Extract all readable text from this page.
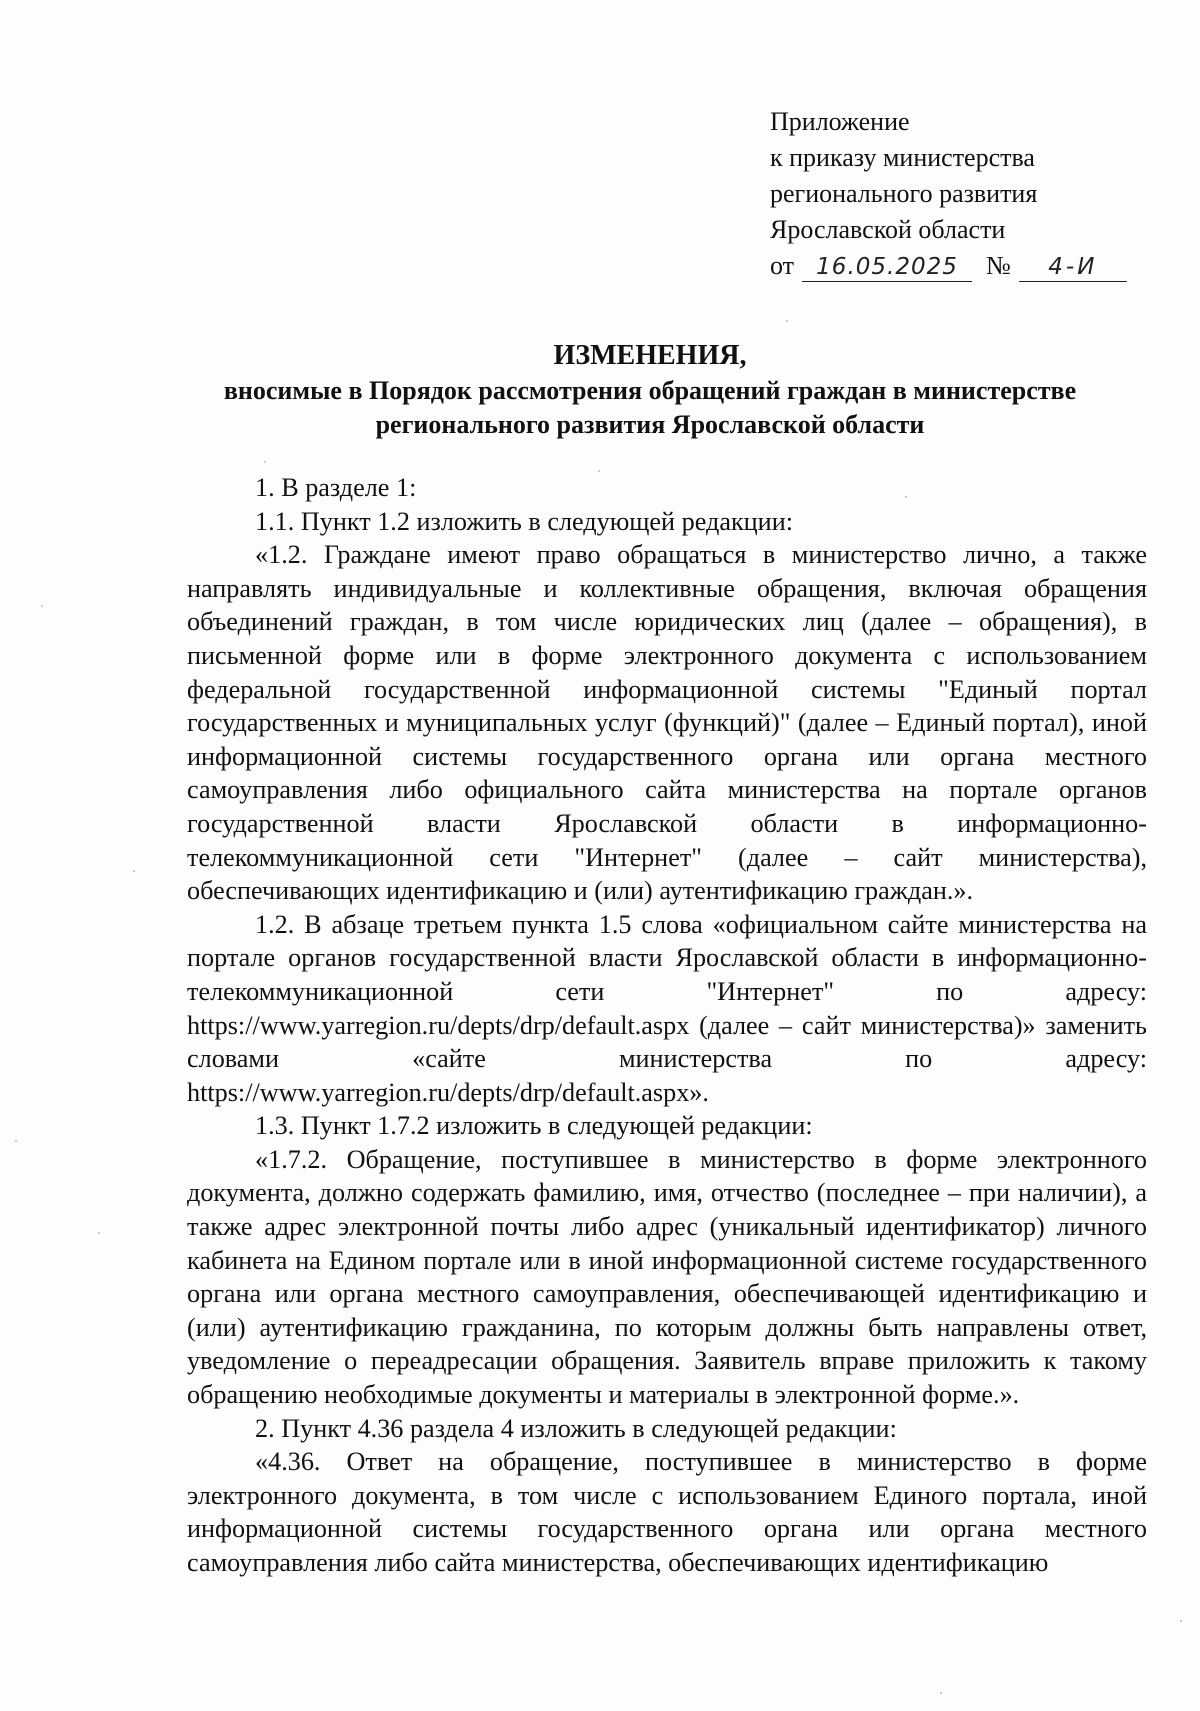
Приложение
к приказу министерства
регионального развития
Ярославской области
от 16.05.2025 № 4-И
ИЗМЕНЕНИЯ,
вносимые в Порядок рассмотрения обращений граждан в министерстве регионального развития Ярославской области

1. В разделе 1:

1.1. Пункт 1.2 изложить в следующей редакции:

«1.2. Граждане имеют право обращаться в министерство лично, а также направлять индивидуальные и коллективные обращения, включая обращения объединений граждан, в том числе юридических лиц (далее – обращения), в письменной форме или в форме электронного документа с использованием федеральной государственной информационной системы "Единый портал государственных и муниципальных услуг (функций)" (далее – Единый портал), иной информационной системы государственного органа или органа местного самоуправления либо официального сайта министерства на портале органов государственной власти Ярославской области в информационно-телекоммуникационной сети "Интернет" (далее – сайт министерства), обеспечивающих идентификацию и (или) аутентификацию граждан.».

1.2. В абзаце третьем пункта 1.5 слова «официальном сайте министерства на портале органов государственной власти Ярославской области в информационно-телекоммуникационной сети "Интернет" по адресу: https://www.yarregion.ru/depts/drp/default.aspx (далее – сайт министерства)» заменить словами «сайте министерства по адресу: https://www.yarregion.ru/depts/drp/default.aspx».

1.3. Пункт 1.7.2 изложить в следующей редакции:

«1.7.2. Обращение, поступившее в министерство в форме электронного документа, должно содержать фамилию, имя, отчество (последнее – при наличии), а также адрес электронной почты либо адрес (уникальный идентификатор) личного кабинета на Едином портале или в иной информационной системе государственного органа или органа местного самоуправления, обеспечивающей идентификацию и (или) аутентификацию гражданина, по которым должны быть направлены ответ, уведомление о переадресации обращения. Заявитель вправе приложить к такому обращению необходимые документы и материалы в электронной форме.».

2. Пункт 4.36 раздела 4 изложить в следующей редакции:

«4.36. Ответ на обращение, поступившее в министерство в форме электронного документа, в том числе с использованием Единого портала, иной информационной системы государственного органа или органа местного самоуправления либо сайта министерства, обеспечивающих идентификацию
